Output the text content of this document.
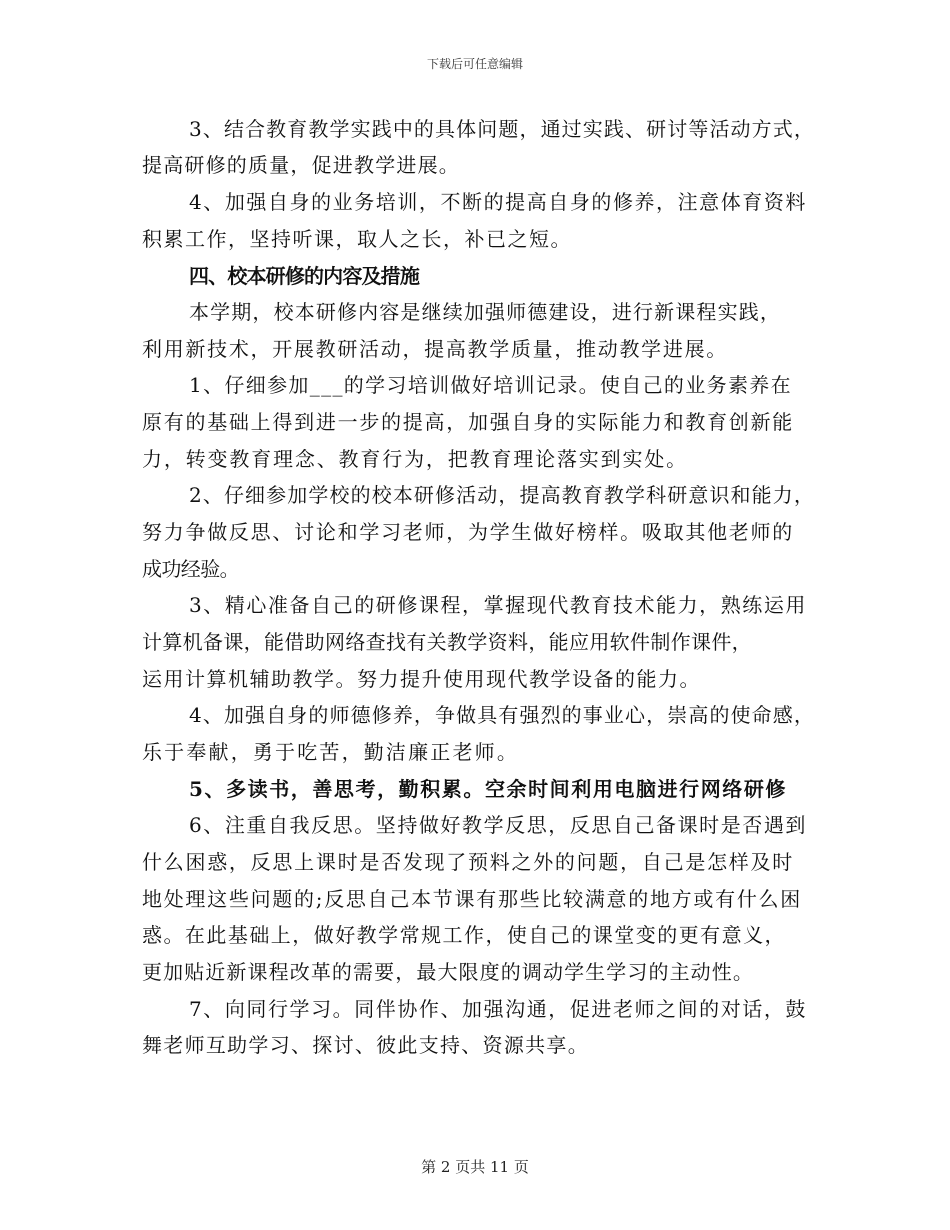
下载后可任意编辑
3、结合教育教学实践中的具体问题，通过实践、研讨等活动方式，
提高研修的质量，促进教学进展。
4、加强自身的业务培训，不断的提高自身的修养，注意体育资料
积累工作，坚持听课，取人之长，补已之短。
四、校本研修的内容及措施
本学期，校本研修内容是继续加强师德建设，进行新课程实践，
利用新技术，开展教研活动，提高教学质量，推动教学进展。
1、仔细参加___的学习培训做好培训记录。使自己的业务素养在
原有的基础上得到进一步的提高，加强自身的实际能力和教育创新能
力，转变教育理念、教育行为，把教育理论落实到实处。
2、仔细参加学校的校本研修活动，提高教育教学科研意识和能力，
努力争做反思、讨论和学习老师，为学生做好榜样。吸取其他老师的
成功经验。
3、精心准备自己的研修课程，掌握现代教育技术能力，熟练运用
计算机备课，能借助网络查找有关教学资料，能应用软件制作课件，
运用计算机辅助教学。努力提升使用现代教学设备的能力。
4、加强自身的师德修养，争做具有强烈的事业心，崇高的使命感，
乐于奉献，勇于吃苦，勤洁廉正老师。
5、多读书，善思考，勤积累。空余时间利用电脑进行网络研修
6、注重自我反思。坚持做好教学反思，反思自己备课时是否遇到
什么困惑，反思上课时是否发现了预料之外的问题，自己是怎样及时
地处理这些问题的;反思自己本节课有那些比较满意的地方或有什么困
惑。在此基础上，做好教学常规工作，使自己的课堂变的更有意义，
更加贴近新课程改革的需要，最大限度的调动学生学习的主动性。
7、向同行学习。同伴协作、加强沟通，促进老师之间的对话，鼓
舞老师互助学习、探讨、彼此支持、资源共享。
第 2 页共 11 页
